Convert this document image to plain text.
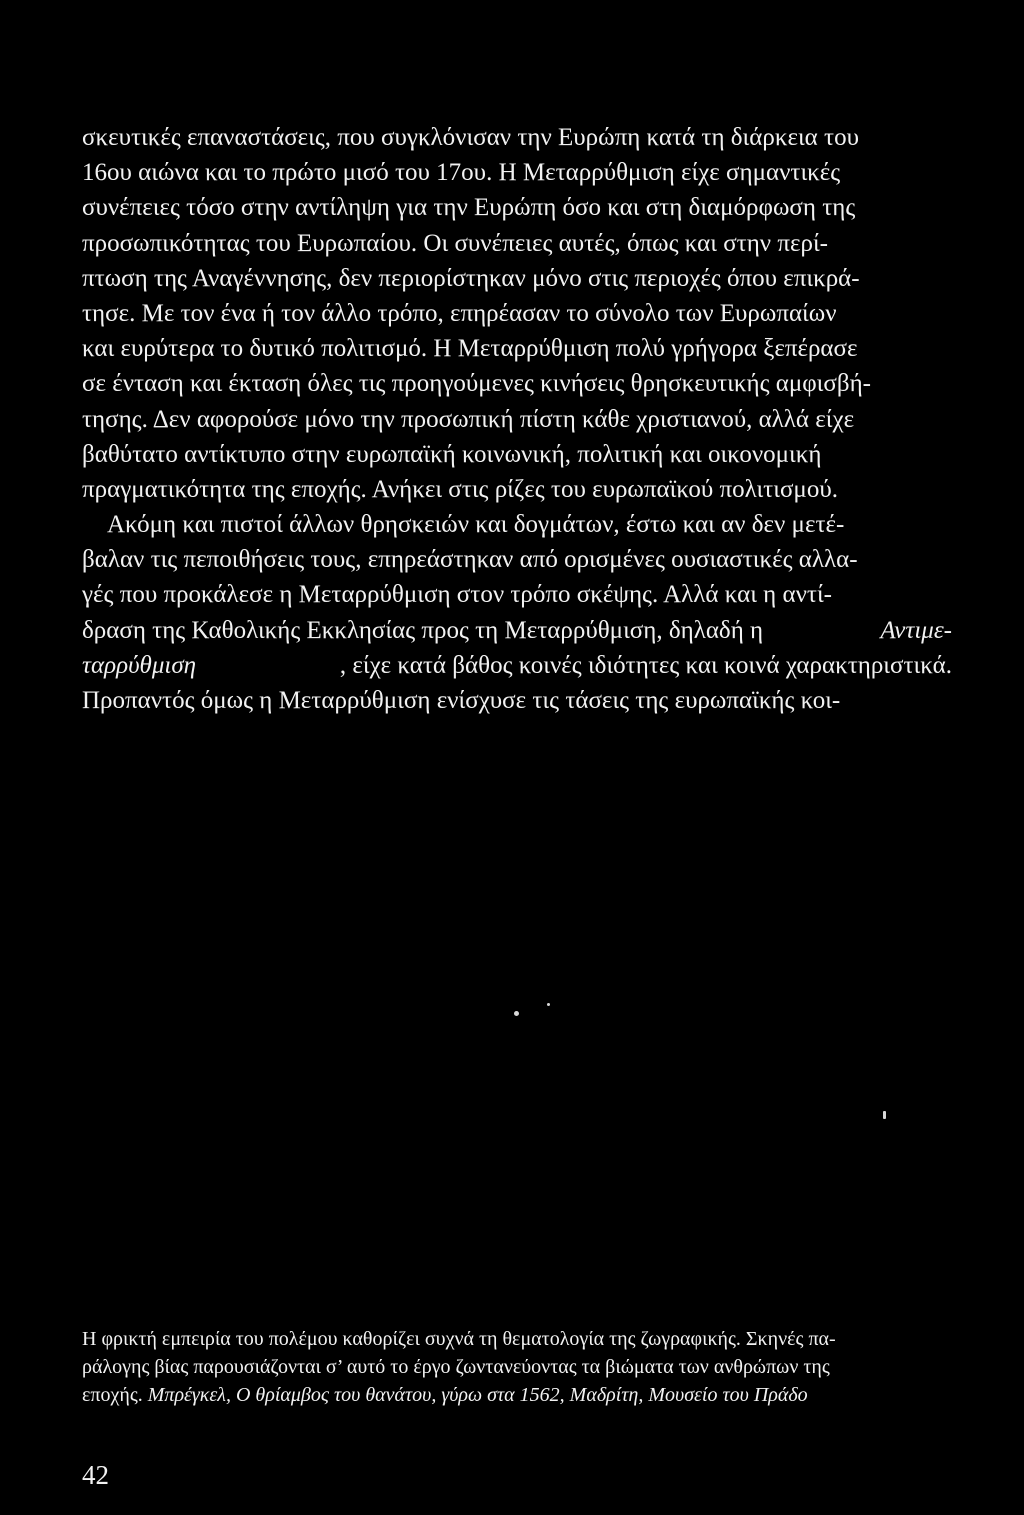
σκευτικές επαναστάσεις, που συγκλόνισαν την Ευρώπη κατά τη διάρκεια του
16ου αιώνα και το πρώτο μισό του 17ου. Η Μεταρρύθμιση είχε σημαντικές
συνέπειες τόσο στην αντίληψη για την Ευρώπη όσο και στη διαμόρφωση της
προσωπικότητας του Ευρωπαίου. Οι συνέπειες αυτές, όπως και στην περί-
πτωση της Αναγέννησης, δεν περιορίστηκαν μόνο στις περιοχές όπου επικρά-
τησε. Με τον ένα ή τον άλλο τρόπο, επηρέασαν το σύνολο των Ευρωπαίων
και ευρύτερα το δυτικό πολιτισμό. Η Μεταρρύθμιση πολύ γρήγορα ξεπέρασε
σε ένταση και έκταση όλες τις προηγούμενες κινήσεις θρησκευτικής αμφισβή-
τησης. Δεν αφορούσε μόνο την προσωπική πίστη κάθε χριστιανού, αλλά είχε
βαθύτατο αντίκτυπο στην ευρωπαϊκή κοινωνική, πολιτική και οικονομική
πραγματικότητα της εποχής. Ανήκει στις ρίζες του ευρωπαϊκού πολιτισμού.
Ακόμη και πιστοί άλλων θρησκειών και δογμάτων, έστω και αν δεν μετέ-
βαλαν τις πεποιθήσεις τους, επηρεάστηκαν από ορισμένες ουσιαστικές αλλα-
γές που προκάλεσε η Μεταρρύθμιση στον τρόπο σκέψης. Αλλά και η αντί-
δραση της Καθολικής Εκκλησίας προς τη Μεταρρύθμιση, δηλαδή η	Αντιμε-
ταρρύθμιση	, είχε κατά βάθος κοινές ιδιότητες και κοινά χαρακτηριστικά.
Προπαντός όμως η Μεταρρύθμιση ενίσχυσε τις τάσεις της ευρωπαϊκής κοι-
Η φρικτή εμπειρία του πολέμου καθορίζει συχνά τη θεματολογία της ζωγραφικής. Σκηνές πα-
ράλογης βίας παρουσιάζονται σ’ αυτό το έργο ζωντανεύοντας τα βιώματα των ανθρώπων της
εποχής. Μπρέγκελ, Ο θρίαμβος του θανάτου, γύρω στα 1562, Μαδρίτη, Μουσείο του Πράδο
42
